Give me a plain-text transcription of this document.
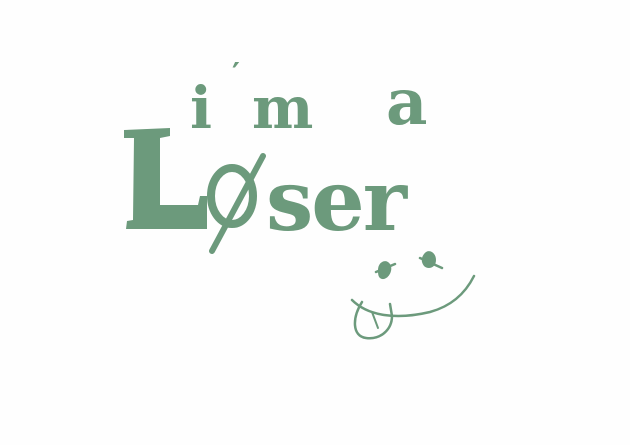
i ′ m a
ser
